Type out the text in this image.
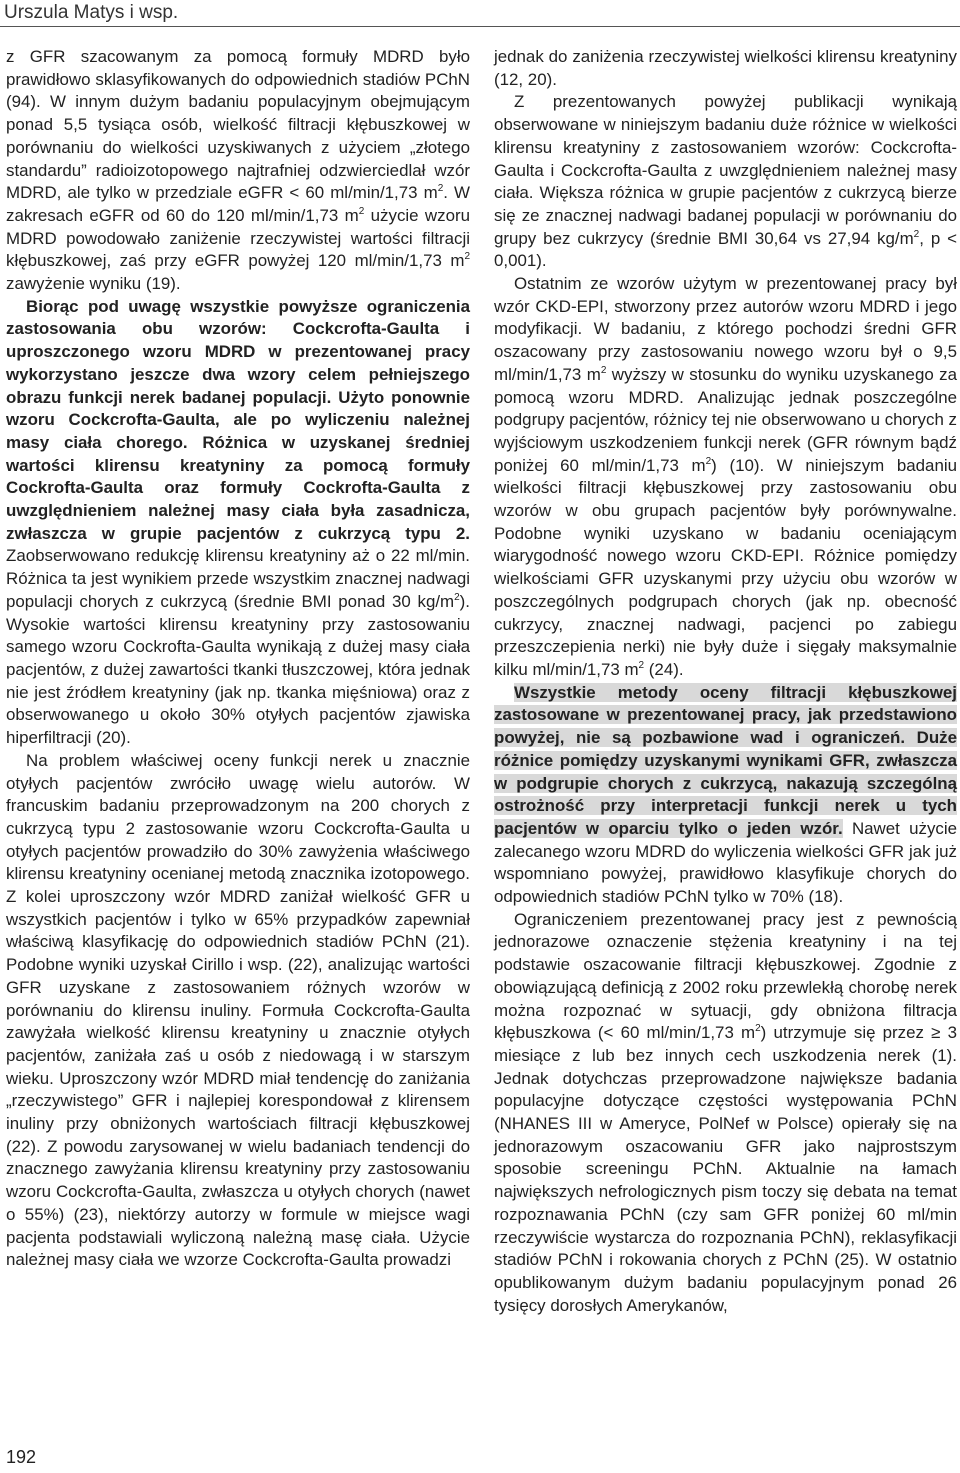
Urszula Matys i wsp.

z GFR szacowanym za pomocą formuły MDRD było prawidłowo sklasyfikowanych do odpowiednich stadiów PChN (94). W innym dużym badaniu populacyjnym obejmującym ponad 5,5 tysiąca osób, wielkość filtracji kłębuszkowej w porównaniu do wielkości uzyskiwanych z użyciem „złotego standardu” radioizotopowego najtrafniej odzwierciedlał wzór MDRD, ale tylko w przedziale eGFR < 60 ml/min/1,73 $m^2$. W zakresach eGFR od 60 do 120 ml/min/1,73 $m^2$ użycie wzoru MDRD powodowało zaniżenie rzeczywistej wartości filtracji kłębuszkowej, zaś przy eGFR powyżej 120 ml/min/1,73 $m^2$ zawyżenie wyniku (19).

Biorąc pod uwagę wszystkie powyższe ograniczenia zastosowania obu wzorów: Cockcrofta-Gaulta i uproszczonego wzoru MDRD w prezentowanej pracy wykorzystano jeszcze dwa wzory celem pełniejszego obrazu funkcji nerek badanej populacji. Użyto ponownie wzoru Cockcrofta-Gaulta, ale po wyliczeniu należnej masy ciała chorego. Różnica w uzyskanej średniej wartości klirensu kreatyniny za pomocą formuły Cockrofta-Gaulta oraz formuły Cockrofta-Gaulta z uwzględnieniem należnej masy ciała była zasadnicza, zwłaszcza w grupie pacjentów z cukrzycą typu 2. Zaobserwowano redukcję klirensu kreatyniny aż o 22 ml/min. Różnica ta jest wynikiem przede wszystkim znacznej nadwagi populacji chorych z cukrzycą (średnie BMI ponad 30 $kg/m^2$). Wysokie wartości klirensu kreatyniny przy zastosowaniu samego wzoru Cockrofta-Gaulta wynikają z dużej masy ciała pacjentów, z dużej zawartości tkanki tłuszczowej, która jednak nie jest źródłem kreatyniny (jak np. tkanka mięśniowa) oraz z obserwowanego u około 30% otyłych pacjentów zjawiska hiperfiltracji (20).

Na problem właściwej oceny funkcji nerek u znacznie otyłych pacjentów zwróciło uwagę wielu autorów. W francuskim badaniu przeprowadzonym na 200 chorych z cukrzycą typu 2 zastosowanie wzoru Cockcrofta-Gaulta u otyłych pacjentów prowadziło do 30% zawyżenia właściwego klirensu kreatyniny ocenianej metodą znacznika izotopowego. Z kolei uproszczony wzór MDRD zaniżał wielkość GFR u wszystkich pacjentów i tylko w 65% przypadków zapewniał właściwą klasyfikację do odpowiednich stadiów PChN (21). Podobne wyniki uzyskał Cirillo i wsp. (22), analizując wartości GFR uzyskane z zastosowaniem różnych wzorów w porównaniu do klirensu inuliny. Formuła Cockcrofta-Gaulta zawyżała wielkość klirensu kreatyniny u znacznie otyłych pacjentów, zaniżała zaś u osób z niedowagą i w starszym wieku. Uproszczony wzór MDRD miał tendencję do zaniżania „rzeczywistego” GFR i najlepiej korespondował z klirensem inuliny przy obniżonych wartościach filtracji kłębuszkowej (22). Z powodu zarysowanej w wielu badaniach tendencji do znacznego zawyżania klirensu kreatyniny przy zastosowaniu wzoru Cockcrofta-Gaulta, zwłaszcza u otyłych chorych (nawet o 55%) (23), niektórzy autorzy w formule w miejsce wagi pacjenta podstawiali wyliczoną należną masę ciała. Użycie należnej masy ciała we wzorze Cockcrofta-Gaulta prowadzi

jednak do zaniżenia rzeczywistej wielkości klirensu kreatyniny (12, 20).

Z prezentowanych powyżej publikacji wynikają obserwowane w niniejszym badaniu duże różnice w wielkości klirensu kreatyniny z zastosowaniem wzorów: Cockcrofta-Gaulta i Cockcrofta-Gaulta z uwzględnieniem należnej masy ciała. Większa różnica w grupie pacjentów z cukrzycą bierze się ze znacznej nadwagi badanej populacji w porównaniu do grupy bez cukrzycy (średnie BMI 30,64 vs 27,94 $kg/m^2$, p < 0,001).

Ostatnim ze wzorów użytym w prezentowanej pracy był wzór CKD-EPI, stworzony przez autorów wzoru MDRD i jego modyfikacji. W badaniu, z którego pochodzi średni GFR oszacowany przy zastosowaniu nowego wzoru był o 9,5 ml/min/1,73 $m^2$ wyższy w stosunku do wyniku uzyskanego za pomocą wzoru MDRD. Analizując jednak poszczególne podgrupy pacjentów, różnicy tej nie obserwowano u chorych z wyjściowym uszkodzeniem funkcji nerek (GFR równym bądź poniżej 60 ml/min/1,73 $m^2$) (10). W niniejszym badaniu wielkości filtracji kłębuszkowej przy zastosowaniu obu wzorów w obu grupach pacjentów były porównywalne. Podobne wyniki uzyskano w badaniu oceniającym wiarygodność nowego wzoru CKD-EPI. Różnice pomiędzy wielkościami GFR uzyskanymi przy użyciu obu wzorów w poszczególnych podgrupach chorych (jak np. obecność cukrzycy, znacznej nadwagi, pacjenci po zabiegu przeszczepienia nerki) nie były duże i sięgały maksymalnie kilku ml/min/1,73 $m^2$ (24).

Wszystkie metody oceny filtracji kłębuszkowej zastosowane w prezentowanej pracy, jak przedstawiono powyżej, nie są pozbawione wad i ograniczeń. Duże różnice pomiędzy uzyskanymi wynikami GFR, zwłaszcza w podgrupie chorych z cukrzycą, nakazują szczególną ostrożność przy interpretacji funkcji nerek u tych pacjentów w oparciu tylko o jeden wzór. Nawet użycie zalecanego wzoru MDRD do wyliczenia wielkości GFR jak już wspomniano powyżej, prawidłowo klasyfikuje chorych do odpowiednich stadiów PChN tylko w 70% (18).

Ograniczeniem prezentowanej pracy jest z pewnością jednorazowe oznaczenie stężenia kreatyniny i na tej podstawie oszacowanie filtracji kłębuszkowej. Zgodnie z obowiązującą definicją z 2002 roku przewlekłą chorobę nerek można rozpoznać w sytuacji, gdy obniżona filtracja kłębuszkowa (< 60 ml/min/1,73 $m^2$) utrzymuje się przez ≥ 3 miesiące z lub bez innych cech uszkodzenia nerek (1). Jednak dotychczas przeprowadzone największe badania populacyjne dotyczące częstości występowania PChN (NHANES III w Ameryce, PolNef w Polsce) opierały się na jednorazowym oszacowaniu GFR jako najprostszym sposobie screeningu PChN. Aktualnie na łamach największych nefrologicznych pism toczy się debata na temat rozpoznawania PChN (czy sam GFR poniżej 60 ml/min rzeczywiście wystarcza do rozpoznania PChN), reklasyfikacji stadiów PChN i rokowania chorych z PChN (25). W ostatnio opublikowanym dużym badaniu populacyjnym ponad 26 tysięcy dorosłych Amerykanów,

192
